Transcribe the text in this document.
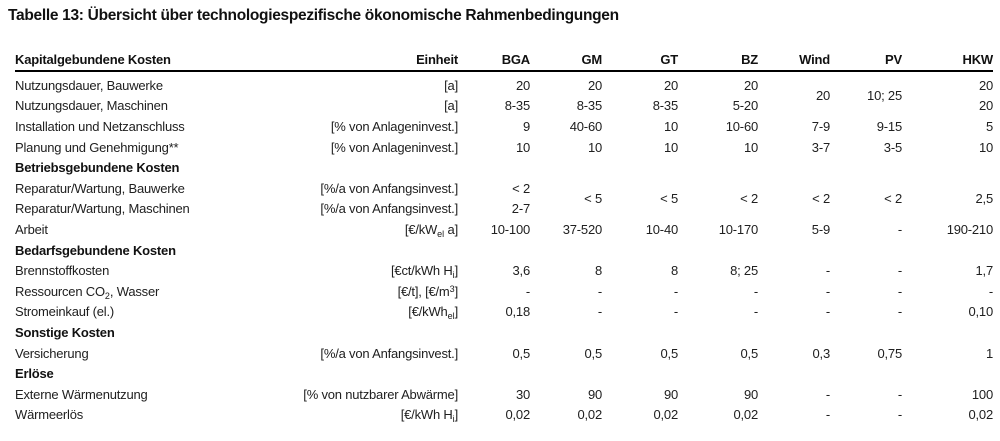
Tabelle 13: Übersicht über technologiespezifische ökonomische Rahmenbedingungen
Kapitalgebundene Kosten	Einheit	BGA	GM	GT	BZ	Wind	PV	HKW
Nutzungsdauer, Bauwerke	[a]	20	20	20	20	20	10; 25	20
Nutzungsdauer, Maschinen	[a]	8-35	8-35	8-35	5-20			20
Installation und Netzanschluss	[% von Anlageninvest.]	9	40-60	10	10-60	7-9	9-15	5
Planung und Genehmigung**	[% von Anlageninvest.]	10	10	10	10	3-7	3-5	10
Betriebsgebundene Kosten								
Reparatur/Wartung, Bauwerke	[%/a von Anfangsinvest.]	< 2	< 5	< 5	< 2	< 2	< 2	2,5
Reparatur/Wartung, Maschinen	[%/a von Anfangsinvest.]	2-7						
Arbeit	[$€/kW_{el}$ a]	10-100	37-520	10-40	10-170	5-9	-	190-210
Bedarfsgebundene Kosten								
Brennstoffkosten	[€ct/kWh $H_i$]	3,6	8	8	8; 25	-	-	1,7
Ressourcen $CO_2$, Wasser	[€/t], $[€/m^3]$	-	-	-	-	-	-	-
Stromeinkauf (el.)	[€/kWh$_{el}$]	0,18	-	-	-	-	-	0,10
Sonstige Kosten								
Versicherung	[%/a von Anfangsinvest.]	0,5	0,5	0,5	0,5	0,3	0,75	1
Erlöse								
Externe Wärmenutzung	[% von nutzbarer Abwärme]	30	90	90	90	-	-	100
Wärmeerlös	[€/kWh $H_i$]	0,02	0,02	0,02	0,02	-	-	0,02
